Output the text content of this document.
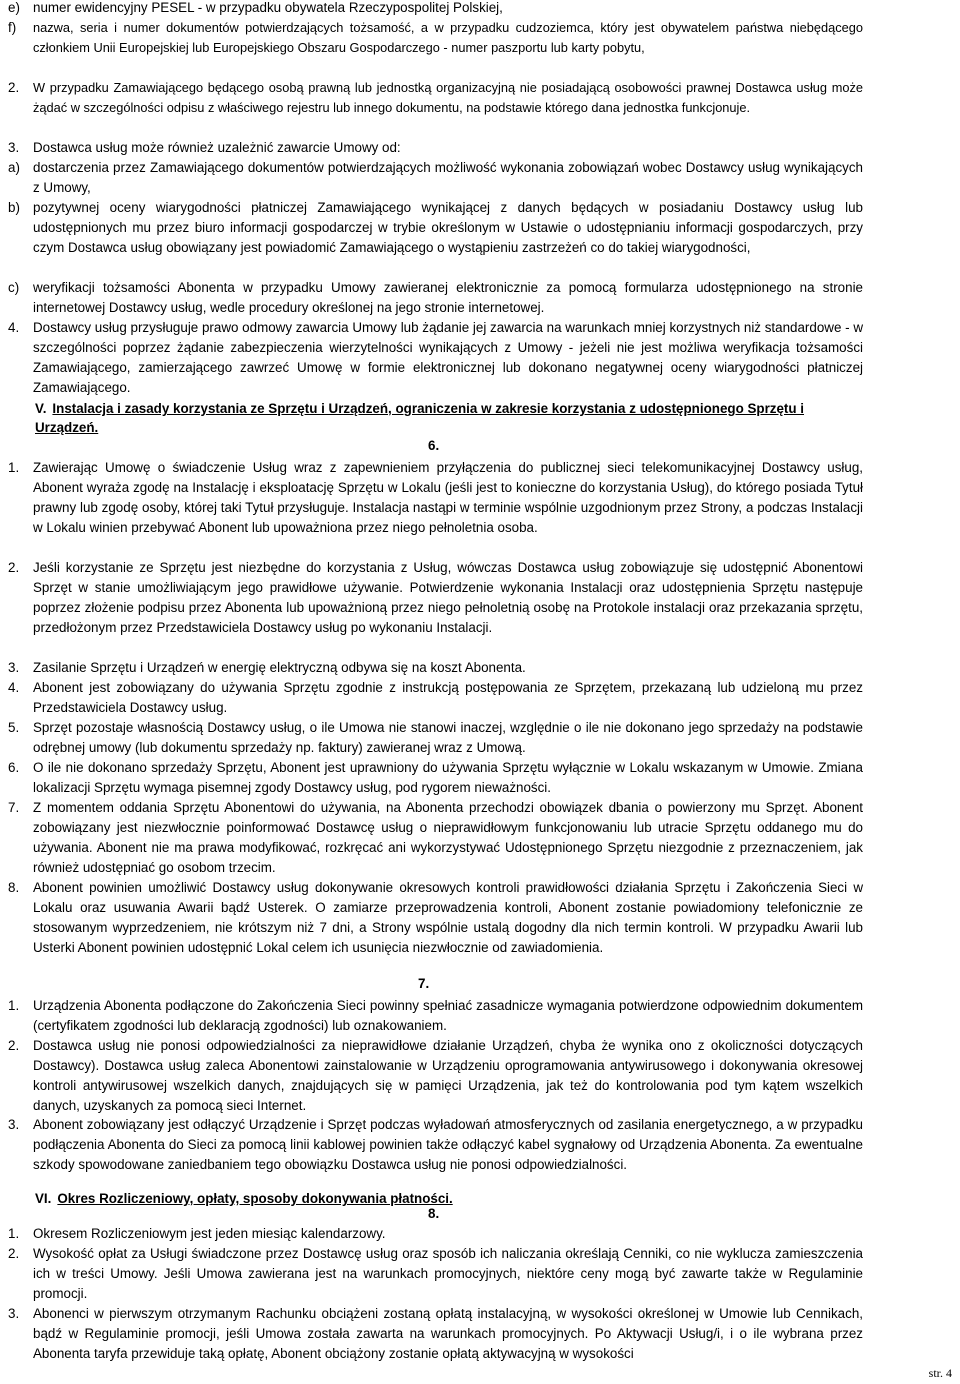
e) numer ewidencyjny PESEL - w przypadku obywatela Rzeczypospolitej Polskiej,
f) nazwa, seria i numer dokumentów potwierdzających tożsamość, a w przypadku cudzoziemca, który jest obywatelem państwa niebędącego członkiem Unii Europejskiej lub Europejskiego Obszaru Gospodarczego - numer paszportu lub karty pobytu,
2. W przypadku Zamawiającego będącego osobą prawną lub jednostką organizacyjną nie posiadającą osobowości prawnej Dostawca usług może żądać w szczególności odpisu z właściwego rejestru lub innego dokumentu, na podstawie którego dana jednostka funkcjonuje.
3. Dostawca usług może również uzależnić zawarcie Umowy od:
a) dostarczenia przez Zamawiającego dokumentów potwierdzających możliwość wykonania zobowiązań wobec Dostawcy usług wynikających z Umowy,
b) pozytywnej oceny wiarygodności płatniczej Zamawiającego wynikającej z danych będących w posiadaniu Dostawcy usług lub udostępnionych mu przez biuro informacji gospodarczej w trybie określonym w Ustawie o udostępnianiu informacji gospodarczych, przy czym Dostawca usług obowiązany jest powiadomić Zamawiającego o wystąpieniu zastrzeżeń co do takiej wiarygodności,
c) weryfikacji tożsamości Abonenta w przypadku Umowy zawieranej elektronicznie za pomocą formularza udostępnionego na stronie internetowej Dostawcy usług, wedle procedury określonej na jego stronie internetowej.
4. Dostawcy usług przysługuje prawo odmowy zawarcia Umowy lub żądanie jej zawarcia na warunkach mniej korzystnych niż standardowe - w szczególności poprzez żądanie zabezpieczenia wierzytelności wynikających z Umowy - jeżeli nie jest możliwa weryfikacja tożsamości Zamawiającego, zamierzającego zawrzeć Umowę w formie elektronicznej lub dokonano negatywnej oceny wiarygodności płatniczej Zamawiającego.
V. Instalacja i zasady korzystania ze Sprzętu i Urządzeń, ograniczenia w zakresie korzystania z udostępnionego Sprzętu i Urządzeń.
6.
1. Zawierając Umowę o świadczenie Usług wraz z zapewnieniem przyłączenia do publicznej sieci telekomunikacyjnej Dostawcy usług, Abonent wyraża zgodę na Instalację i eksploatację Sprzętu w Lokalu (jeśli jest to konieczne do korzystania Usług), do którego posiada Tytuł prawny lub zgodę osoby, której taki Tytuł przysługuje. Instalacja nastąpi w terminie wspólnie uzgodnionym przez Strony, a podczas Instalacji w Lokalu winien przebywać Abonent lub upoważniona przez niego pełnoletnia osoba.
2. Jeśli korzystanie ze Sprzętu jest niezbędne do korzystania z Usług, wówczas Dostawca usług zobowiązuje się udostępnić Abonentowi Sprzęt w stanie umożliwiającym jego prawidłowe używanie. Potwierdzenie wykonania Instalacji oraz udostępnienia Sprzętu następuje poprzez złożenie podpisu przez Abonenta lub upoważnioną przez niego pełnoletnią osobę na Protokole instalacji oraz przekazania sprzętu, przedłożonym przez Przedstawiciela Dostawcy usług po wykonaniu Instalacji.
3. Zasilanie Sprzętu i Urządzeń w energię elektryczną odbywa się na koszt Abonenta.
4. Abonent jest zobowiązany do używania Sprzętu zgodnie z instrukcją postępowania ze Sprzętem, przekazaną lub udzieloną mu przez Przedstawiciela Dostawcy usług.
5. Sprzęt pozostaje własnością Dostawcy usług, o ile Umowa nie stanowi inaczej, względnie o ile nie dokonano jego sprzedaży na podstawie odrębnej umowy (lub dokumentu sprzedaży np. faktury) zawieranej wraz z Umową.
6. O ile nie dokonano sprzedaży Sprzętu, Abonent jest uprawniony do używania Sprzętu wyłącznie w Lokalu wskazanym w Umowie. Zmiana lokalizacji Sprzętu wymaga pisemnej zgody Dostawcy usług, pod rygorem nieważności.
7. Z momentem oddania Sprzętu Abonentowi do używania, na Abonenta przechodzi obowiązek dbania o powierzony mu Sprzęt. Abonent zobowiązany jest niezwłocznie poinformować Dostawcę usług o nieprawidłowym funkcjonowaniu lub utracie Sprzętu oddanego mu do używania. Abonent nie ma prawa modyfikować, rozkręcać ani wykorzystywać Udostępnionego Sprzętu niezgodnie z przeznaczeniem, jak również udostępniać go osobom trzecim.
8. Abonent powinien umożliwić Dostawcy usług dokonywanie okresowych kontroli prawidłowości działania Sprzętu i Zakończenia Sieci w Lokalu oraz usuwania Awarii bądź Usterek. O zamiarze przeprowadzenia kontroli, Abonent zostanie powiadomiony telefonicznie ze stosowanym wyprzedzeniem, nie krótszym niż 7 dni, a Strony wspólnie ustalą dogodny dla nich termin kontroli. W przypadku Awarii lub Usterki Abonent powinien udostępnić Lokal celem ich usunięcia niezwłocznie od zawiadomienia.
7.
1. Urządzenia Abonenta podłączone do Zakończenia Sieci powinny spełniać zasadnicze wymagania potwierdzone odpowiednim dokumentem (certyfikatem zgodności lub deklaracją zgodności) lub oznakowaniem.
2. Dostawca usług nie ponosi odpowiedzialności za nieprawidłowe działanie Urządzeń, chyba że wynika ono z okoliczności dotyczących Dostawcy). Dostawca usług zaleca Abonentowi zainstalowanie w Urządzeniu oprogramowania antywirusowego i dokonywania okresowej kontroli antywirusowej wszelkich danych, znajdujących się w pamięci Urządzenia, jak też do kontrolowania pod tym kątem wszelkich danych, uzyskanych za pomocą sieci Internet.
3. Abonent zobowiązany jest odłączyć Urządzenie i Sprzęt podczas wyładowań atmosferycznych od zasilania energetycznego, a w przypadku podłączenia Abonenta do Sieci za pomocą linii kablowej powinien także odłączyć kabel sygnałowy od Urządzenia Abonenta. Za ewentualne szkody spowodowane zaniedbaniem tego obowiązku Dostawca usług nie ponosi odpowiedzialności.
VI. Okres Rozliczeniowy, opłaty, sposoby dokonywania płatności.
8.
1. Okresem Rozliczeniowym jest jeden miesiąc kalendarzowy.
2. Wysokość opłat za Usługi świadczone przez Dostawcę usług oraz sposób ich naliczania określają Cenniki, co nie wyklucza zamieszczenia ich w treści Umowy. Jeśli Umowa zawierana jest na warunkach promocyjnych, niektóre ceny mogą być zawarte także w Regulaminie promocji.
3. Abonenci w pierwszym otrzymanym Rachunku obciążeni zostaną opłatą instalacyjną, w wysokości określonej w Umowie lub Cennikach, bądź w Regulaminie promocji, jeśli Umowa została zawarta na warunkach promocyjnych. Po Aktywacji Usług/i, i o ile wybrana przez Abonenta taryfa przewiduje taką opłatę, Abonent obciążony zostanie opłatą aktywacyjną w wysokości
str. 4
